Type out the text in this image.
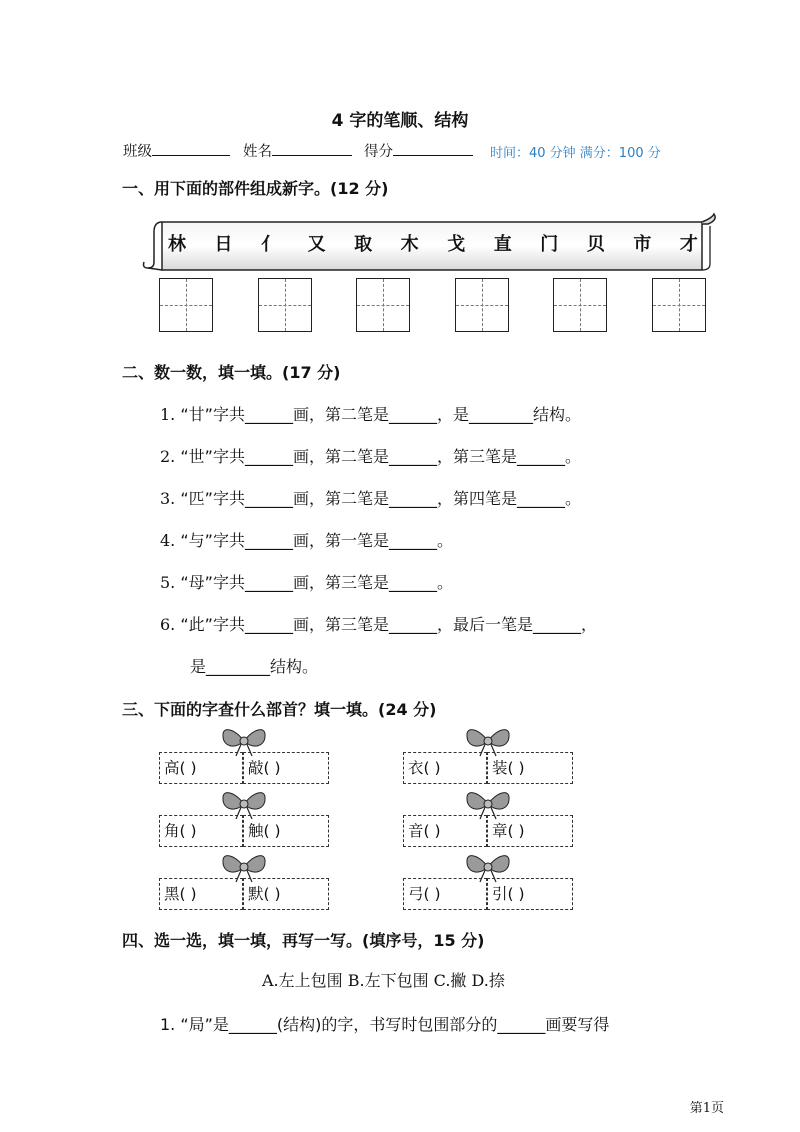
4 字的笔顺、结构
班级	姓名	得分	时间：40 分钟 满分：100 分
一、用下面的部件组成新字。(12 分)
林 日 亻 又 取 木 戈 直 门 贝 市 才
二、数一数，填一填。(17 分)
1. “甘”字共______画，第二笔是______，是________结构。
2. “世”字共______画，第二笔是______，第三笔是______。
3. “匹”字共______画，第二笔是______，第四笔是______。
4. “与”字共______画，第一笔是______。
5. “母”字共______画，第三笔是______。
6. “此”字共______画，第三笔是______，最后一笔是______，
是________结构。
三、下面的字查什么部首？填一填。(24 分)
高( )	敲( )	衣( )	装( )
角( )	触( )	音( )	章( )
黑( )	默( )	弓( )	引( )
四、选一选，填一填，再写一写。(填序号，15 分)
A.左上包围 B.左下包围 C.撇 D.捺
1. “局”是______(结构)的字，书写时包围部分的______画要写得
第1页
